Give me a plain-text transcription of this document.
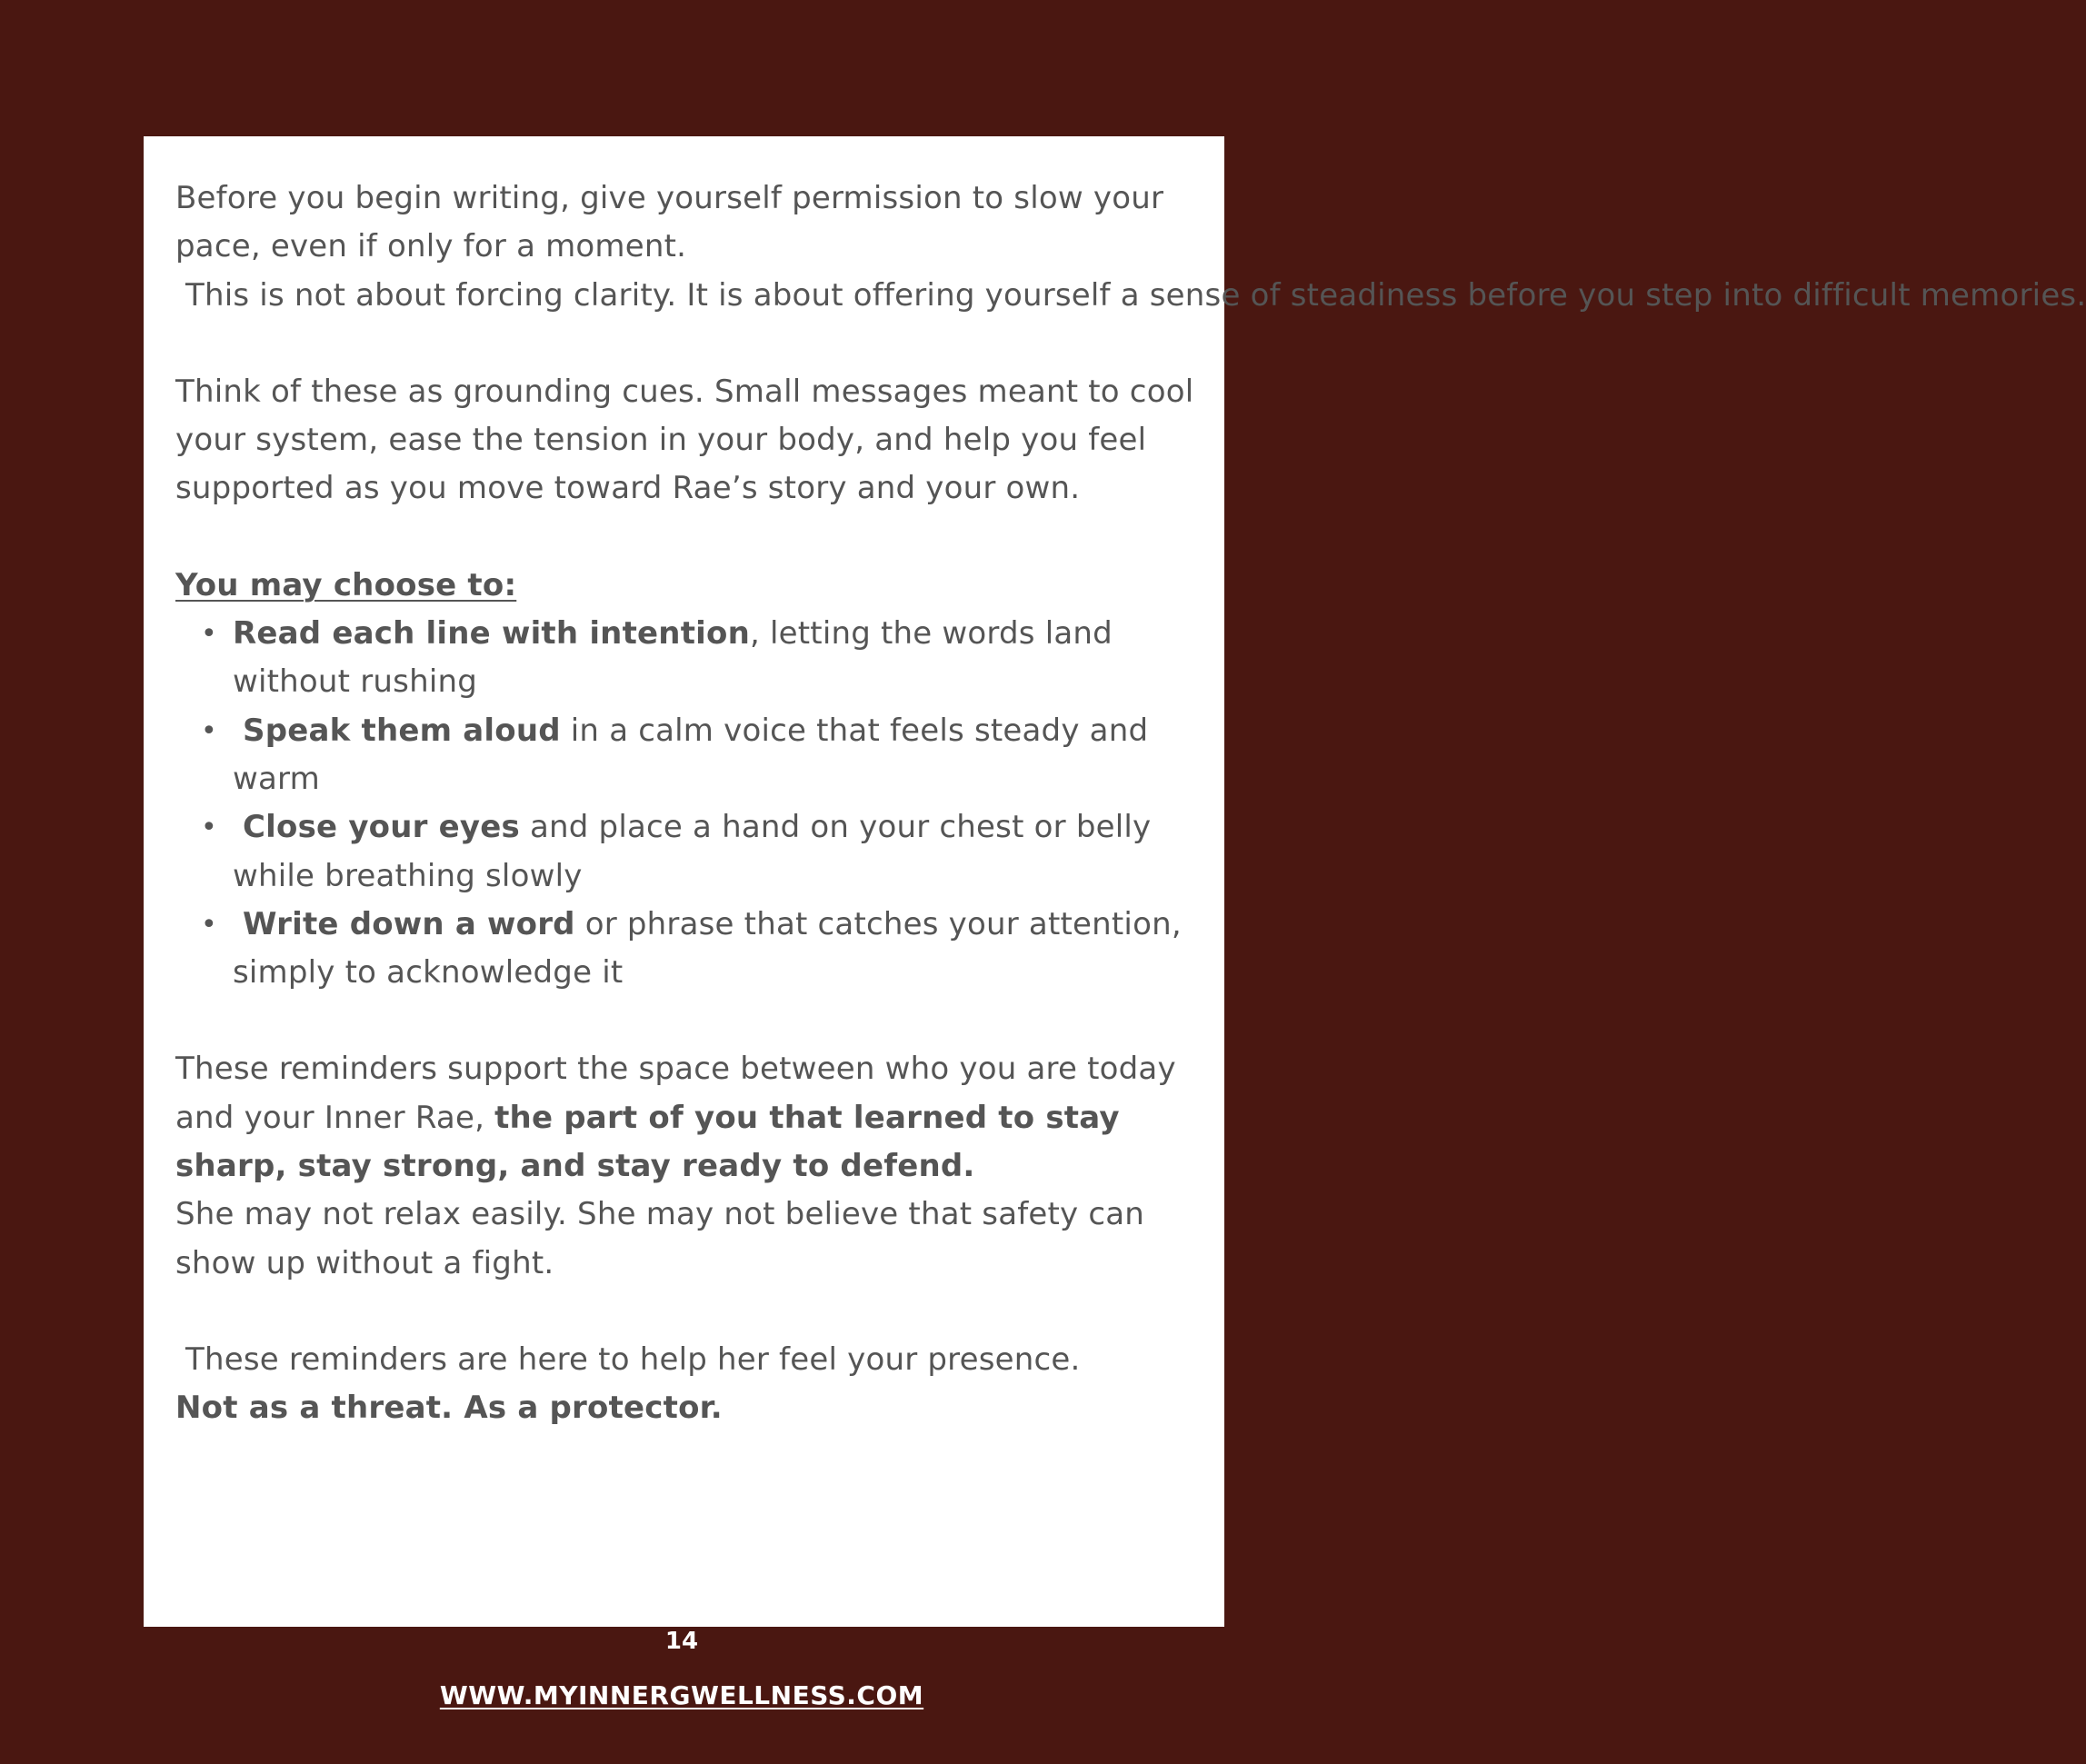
Before you begin writing, give yourself permission to slow your pace, even if only for a moment.
This is not about forcing clarity. It is about offering yourself a sense of steadiness before you step into difficult memories.

Think of these as grounding cues. Small messages meant to cool your system, ease the tension in your body, and help you feel supported as you move toward Rae’s story and your own.

You may choose to:

• Read each line with intention, letting the words land without rushing
• Speak them aloud in a calm voice that feels steady and warm
• Close your eyes and place a hand on your chest or belly while breathing slowly
• Write down a word or phrase that catches your attention, simply to acknowledge it

These reminders support the space between who you are today and your Inner Rae, the part of you that learned to stay sharp, stay strong, and stay ready to defend.
She may not relax easily. She may not believe that safety can show up without a fight.

These reminders are here to help her feel your presence.
Not as a threat. As a protector.

14
WWW.MYINNERGWELLNESS.COM
